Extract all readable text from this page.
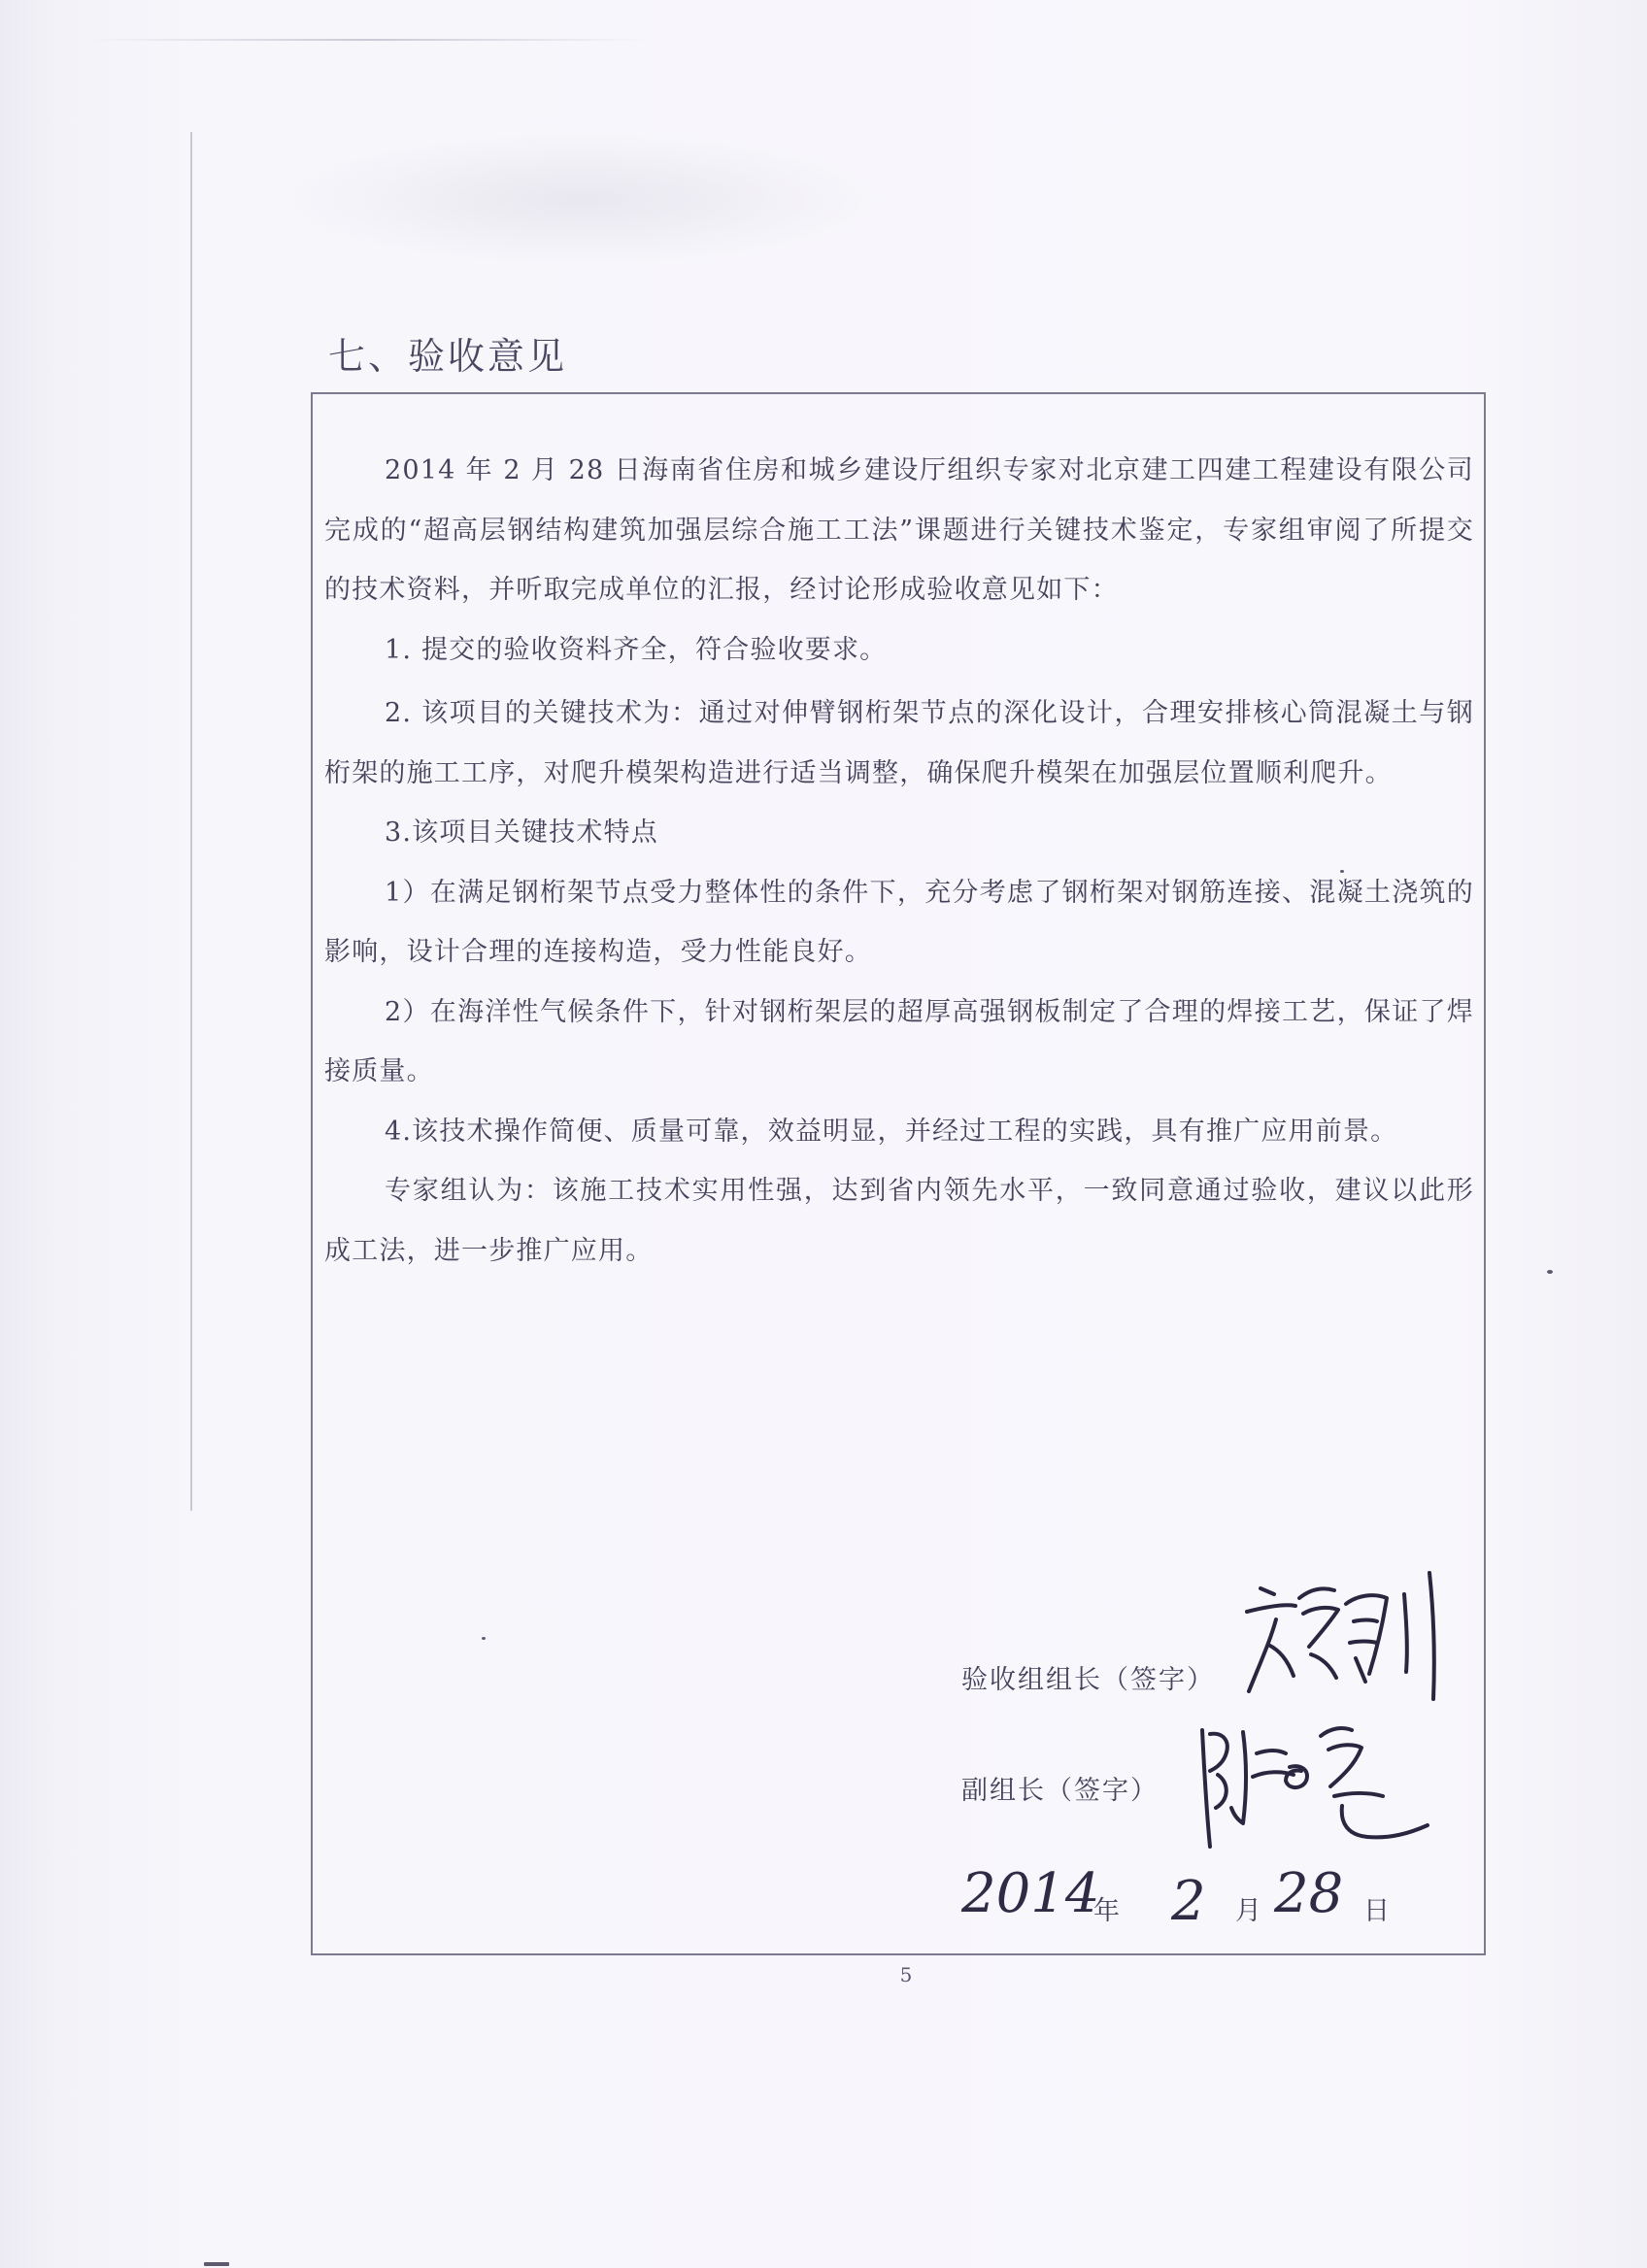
七、验收意见

2014 年 2 月 28 日海南省住房和城乡建设厅组织专家对北京建工四建工程建设有限公司完成的“超高层钢结构建筑加强层综合施工工法”课题进行关键技术鉴定，专家组审阅了所提交的技术资料，并听取完成单位的汇报，经讨论形成验收意见如下：

1. 提交的验收资料齐全，符合验收要求。

2. 该项目的关键技术为：通过对伸臂钢桁架节点的深化设计，合理安排核心筒混凝土与钢桁架的施工工序，对爬升模架构造进行适当调整，确保爬升模架在加强层位置顺利爬升。

3.该项目关键技术特点

1）在满足钢桁架节点受力整体性的条件下，充分考虑了钢桁架对钢筋连接、混凝土浇筑的影响，设计合理的连接构造，受力性能良好。

2）在海洋性气候条件下，针对钢桁架层的超厚高强钢板制定了合理的焊接工艺，保证了焊接质量。

4.该技术操作简便、质量可靠，效益明显，并经过工程的实践，具有推广应用前景。

专家组认为：该施工技术实用性强，达到省内领先水平，一致同意通过验收，建议以此形成工法，进一步推广应用。

验收组组长（签字）
副组长（签字）
2014
年 2 月 28 日
5
